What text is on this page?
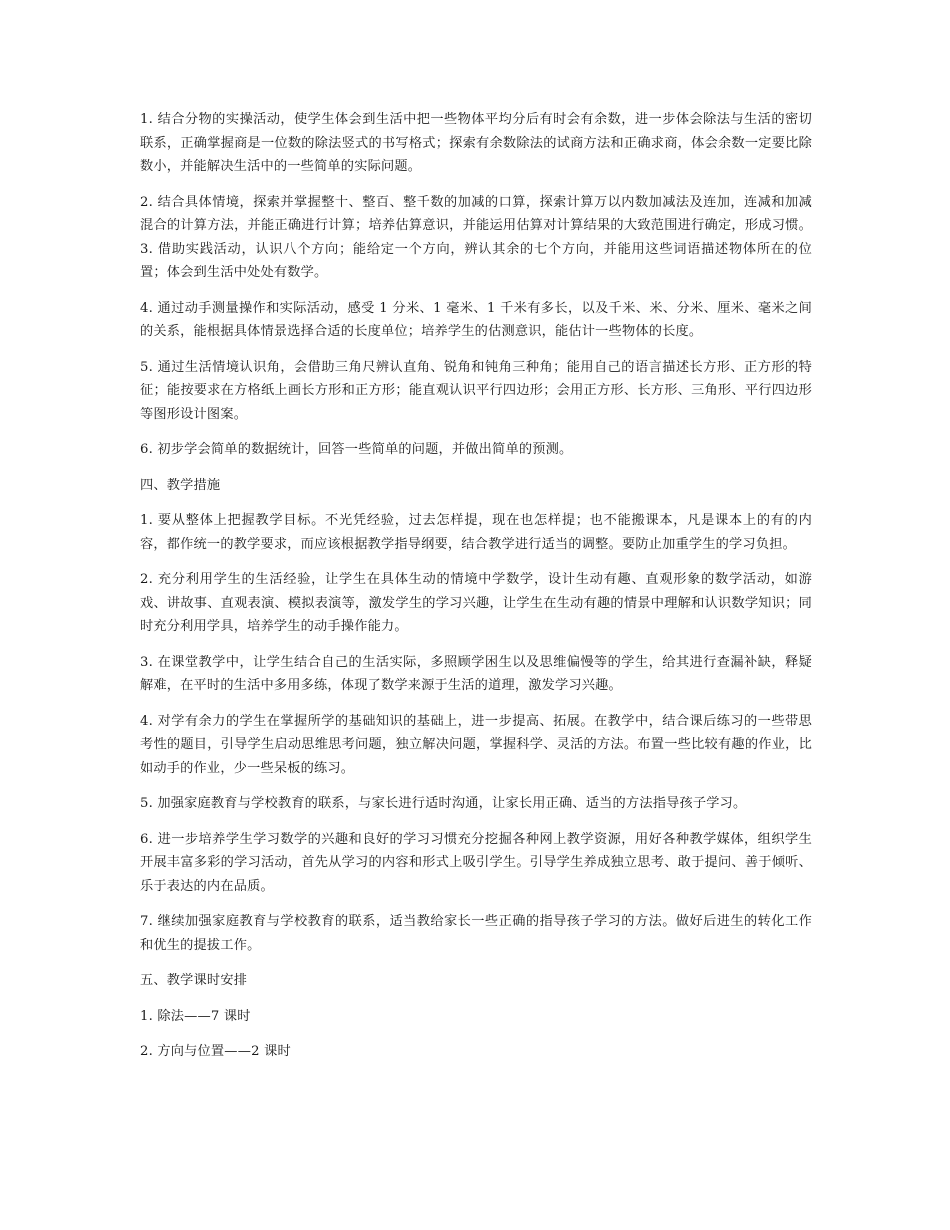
1. 结合分物的实操活动，使学生体会到生活中把一些物体平均分后有时会有余数，进一步体会除法与生活的密切联系，正确掌握商是一位数的除法竖式的书写格式；探索有余数除法的试商方法和正确求商，体会余数一定要比除数小，并能解决生活中的一些简单的实际问题。

2. 结合具体情境，探索并掌握整十、整百、整千数的加减的口算，探索计算万以内数加减法及连加，连减和加减混合的计算方法，并能正确进行计算；培养估算意识，并能运用估算对计算结果的大致范围进行确定，形成习惯。 3. 借助实践活动，认识八个方向；能给定一个方向，辨认其余的七个方向，并能用这些词语描述物体所在的位置；体会到生活中处处有数学。

4. 通过动手测量操作和实际活动，感受 1 分米、1 毫米、1 千米有多长，以及千米、米、分米、厘米、毫米之间的关系，能根据具体情景选择合适的长度单位；培养学生的估测意识，能估计一些物体的长度。

5. 通过生活情境认识角，会借助三角尺辨认直角、锐角和钝角三种角；能用自己的语言描述长方形、正方形的特征；能按要求在方格纸上画长方形和正方形；能直观认识平行四边形；会用正方形、长方形、三角形、平行四边形等图形设计图案。

6. 初步学会简单的数据统计，回答一些简单的问题，并做出简单的预测。

四、教学措施

1. 要从整体上把握教学目标。不光凭经验，过去怎样提，现在也怎样提；也不能搬课本，凡是课本上的有的内容，都作统一的教学要求，而应该根据教学指导纲要，结合教学进行适当的调整。要防止加重学生的学习负担。

2. 充分利用学生的生活经验，让学生在具体生动的情境中学数学，设计生动有趣、直观形象的数学活动，如游戏、讲故事、直观表演、模拟表演等，激发学生的学习兴趣，让学生在生动有趣的情景中理解和认识数学知识；同时充分利用学具，培养学生的动手操作能力。

3. 在课堂教学中，让学生结合自己的生活实际，多照顾学困生以及思维偏慢等的学生，给其进行查漏补缺，释疑解难，在平时的生活中多用多练，体现了数学来源于生活的道理，激发学习兴趣。

4. 对学有余力的学生在掌握所学的基础知识的基础上，进一步提高、拓展。在教学中，结合课后练习的一些带思考性的题目，引导学生启动思维思考问题，独立解决问题，掌握科学、灵活的方法。布置一些比较有趣的作业，比如动手的作业，少一些呆板的练习。

5. 加强家庭教育与学校教育的联系，与家长进行适时沟通，让家长用正确、适当的方法指导孩子学习。

6. 进一步培养学生学习数学的兴趣和良好的学习习惯充分挖掘各种网上教学资源，用好各种教学媒体，组织学生开展丰富多彩的学习活动，首先从学习的内容和形式上吸引学生。引导学生养成独立思考、敢于提问、善于倾听、乐于表达的内在品质。

7. 继续加强家庭教育与学校教育的联系，适当教给家长一些正确的指导孩子学习的方法。做好后进生的转化工作和优生的提拔工作。

五、教学课时安排

1. 除法——7 课时

2. 方向与位置——2 课时
